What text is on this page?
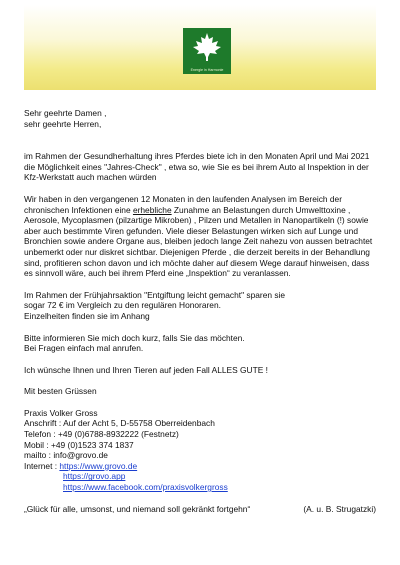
Energie in Harmonie

Sehr geehrte Damen ,

sehr geehrte Herren,

im Rahmen der Gesundherhaltung ihres Pferdes biete ich in den Monaten April und Mai 2021 die Möglichkeit eines "Jahres-Check" , etwa so, wie Sie es bei ihrem Auto al Inspektion in der Kfz-Werkstatt auch machen würden

Wir haben in den vergangenen 12 Monaten in den laufenden Analysen im Bereich der chronischen Infektionen eine erhebliche Zunahme an Belastungen durch Umwelttoxine , Aerosole, Mycoplasmen (pilzartige Mikroben) , Pilzen und Metallen in Nanopartikeln (!) sowie aber auch bestimmte Viren gefunden. Viele dieser Belastungen wirken sich auf Lunge und Bronchien sowie andere Organe aus, bleiben jedoch lange Zeit nahezu von aussen betrachtet unbemerkt oder nur diskret sichtbar. Diejenigen Pferde , die derzeit bereits in der Behandlung sind, profitieren schon davon und ich möchte daher auf diesem Wege darauf hinweisen, dass es sinnvoll wäre, auch bei ihrem Pferd eine „Inspektion“ zu veranlassen.

Im Rahmen der Frühjahrsaktion "Entgiftung leicht gemacht" sparen sie

sogar 72 € im Vergleich zu den regulären Honoraren.

Einzelheiten finden sie im Anhang

Bitte informieren Sie mich doch kurz, falls Sie das möchten.

Bei Fragen einfach mal anrufen.

Ich wünsche Ihnen und Ihren Tieren auf jeden Fall ALLES GUTE !

Mit besten Grüssen

Praxis Volker Gross

Anschrift : Auf der Acht 5, D-55758 Oberreidenbach

Telefon : +49 (0)6788-8932222 (Festnetz)

Mobil : +49 (0)1523 374 1837

mailto : info@grovo.de

Internet : https://www.grovo.de

https://grovo.app

https://www.facebook.com/praxisvolkergross

„Glück für alle, umsonst, und niemand soll gekränkt fortgehn“	(A. u. B. Strugatzki)
